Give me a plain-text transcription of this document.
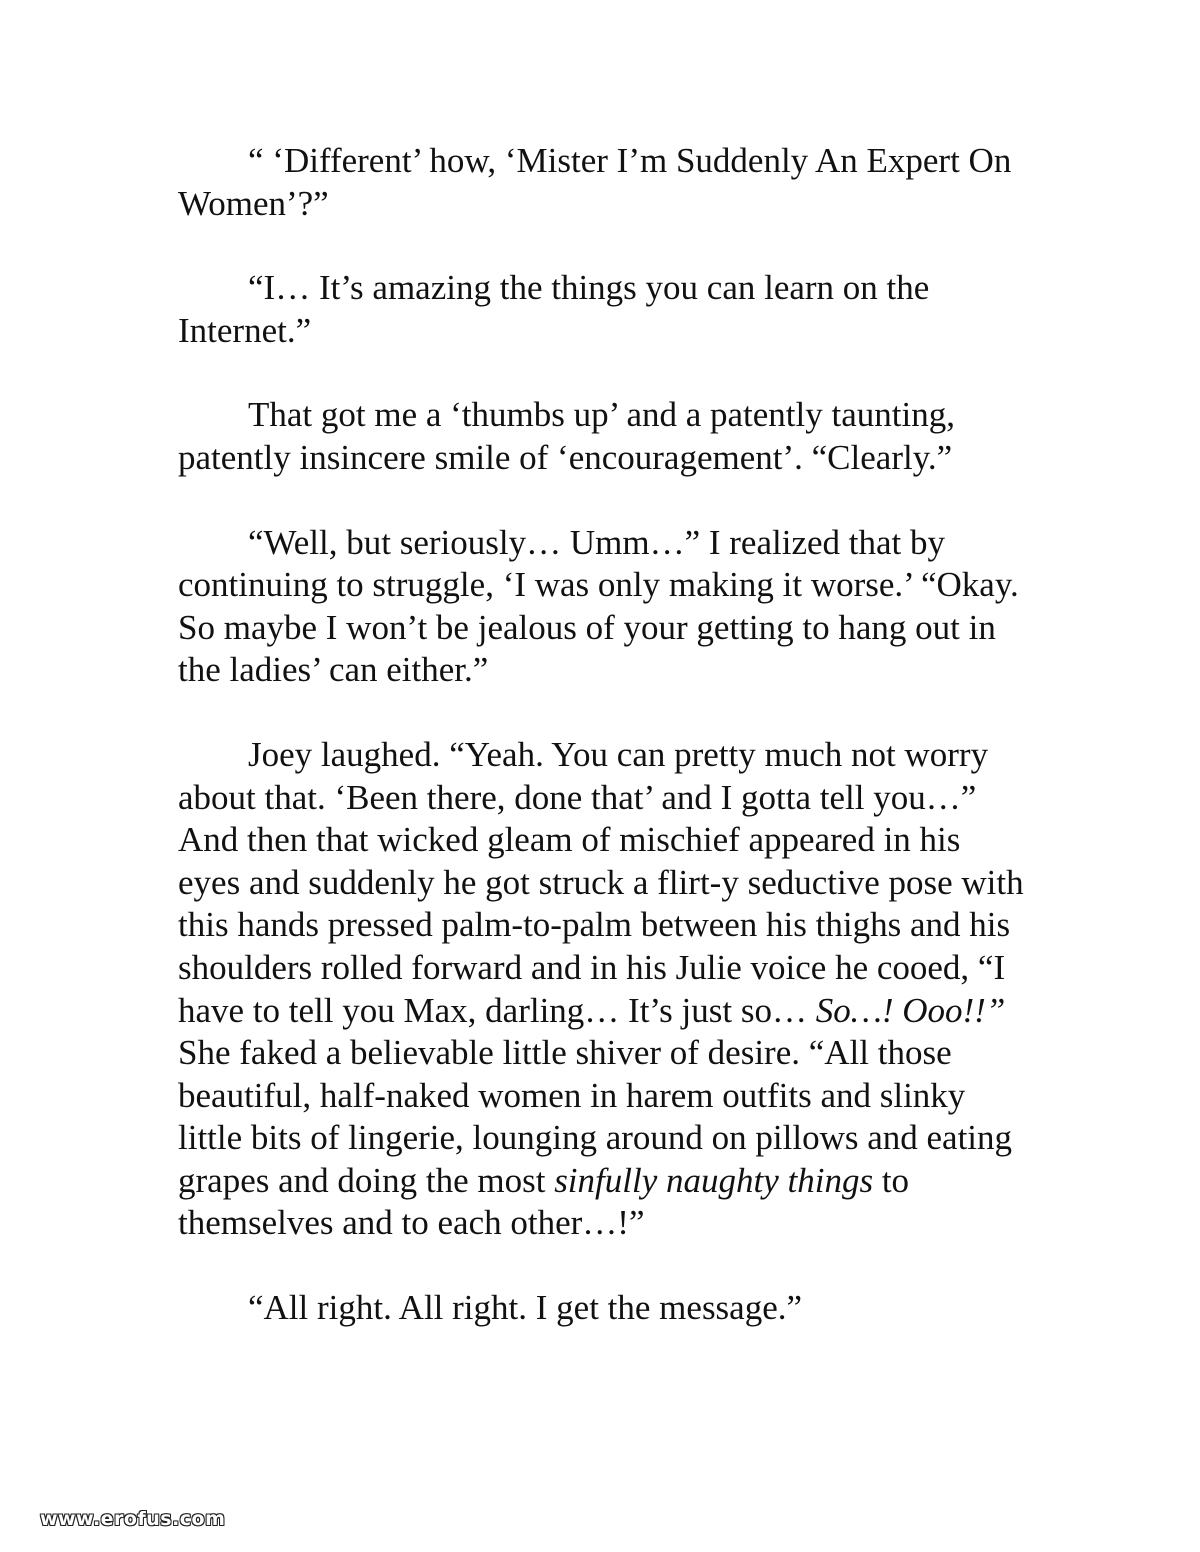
“ ‘Different’ how, ‘Mister I’m Suddenly An Expert On Women’?”

“I… It’s amazing the things you can learn on the Internet.”

That got me a ‘thumbs up’ and a patently taunting, patently insincere smile of ‘encouragement’. “Clearly.”

“Well, but seriously… Umm…” I realized that by continuing to struggle, ‘I was only making it worse.’ “Okay. So maybe I won’t be jealous of your getting to hang out in the ladies’ can either.”

Joey laughed. “Yeah. You can pretty much not worry about that. ‘Been there, done that’ and I gotta tell you…” And then that wicked gleam of mischief appeared in his eyes and suddenly he got struck a flirt-y seductive pose with this hands pressed palm-to-palm between his thighs and his shoulders rolled forward and in his Julie voice he cooed, “I have to tell you Max, darling… It’s just so… So…! Ooo!!” She faked a believable little shiver of desire. “All those beautiful, half-naked women in harem outfits and slinky little bits of lingerie, lounging around on pillows and eating grapes and doing the most sinfully naughty things to themselves and to each other…!”

“All right. All right. I get the message.”

www.erofus.com
